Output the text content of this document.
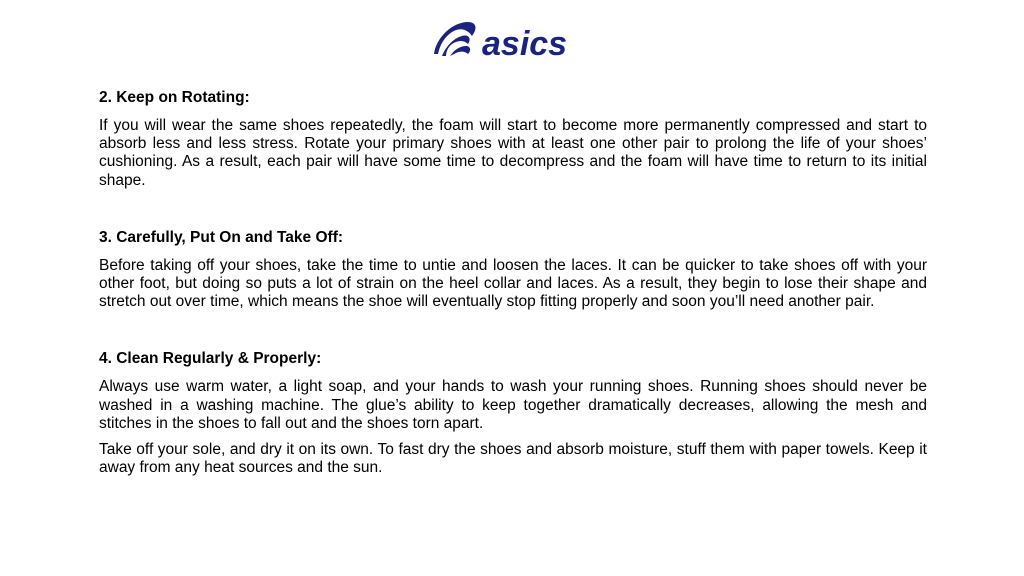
asics

2. Keep on Rotating:

If you will wear the same shoes repeatedly, the foam will start to become more permanently compressed and start to absorb less and less stress. Rotate your primary shoes with at least one other pair to prolong the life of your shoes’ cushioning. As a result, each pair will have some time to decompress and the foam will have time to return to its initial shape.

3. Carefully, Put On and Take Off:

Before taking off your shoes, take the time to untie and loosen the laces. It can be quicker to take shoes off with your other foot, but doing so puts a lot of strain on the heel collar and laces. As a result, they begin to lose their shape and stretch out over time, which means the shoe will eventually stop fitting properly and soon you’ll need another pair.

4. Clean Regularly & Properly:

Always use warm water, a light soap, and your hands to wash your running shoes. Running shoes should never be washed in a washing machine. The glue’s ability to keep together dramatically decreases, allowing the mesh and stitches in the shoes to fall out and the shoes torn apart.

Take off your sole, and dry it on its own. To fast dry the shoes and absorb moisture, stuff them with paper towels. Keep it away from any heat sources and the sun.
